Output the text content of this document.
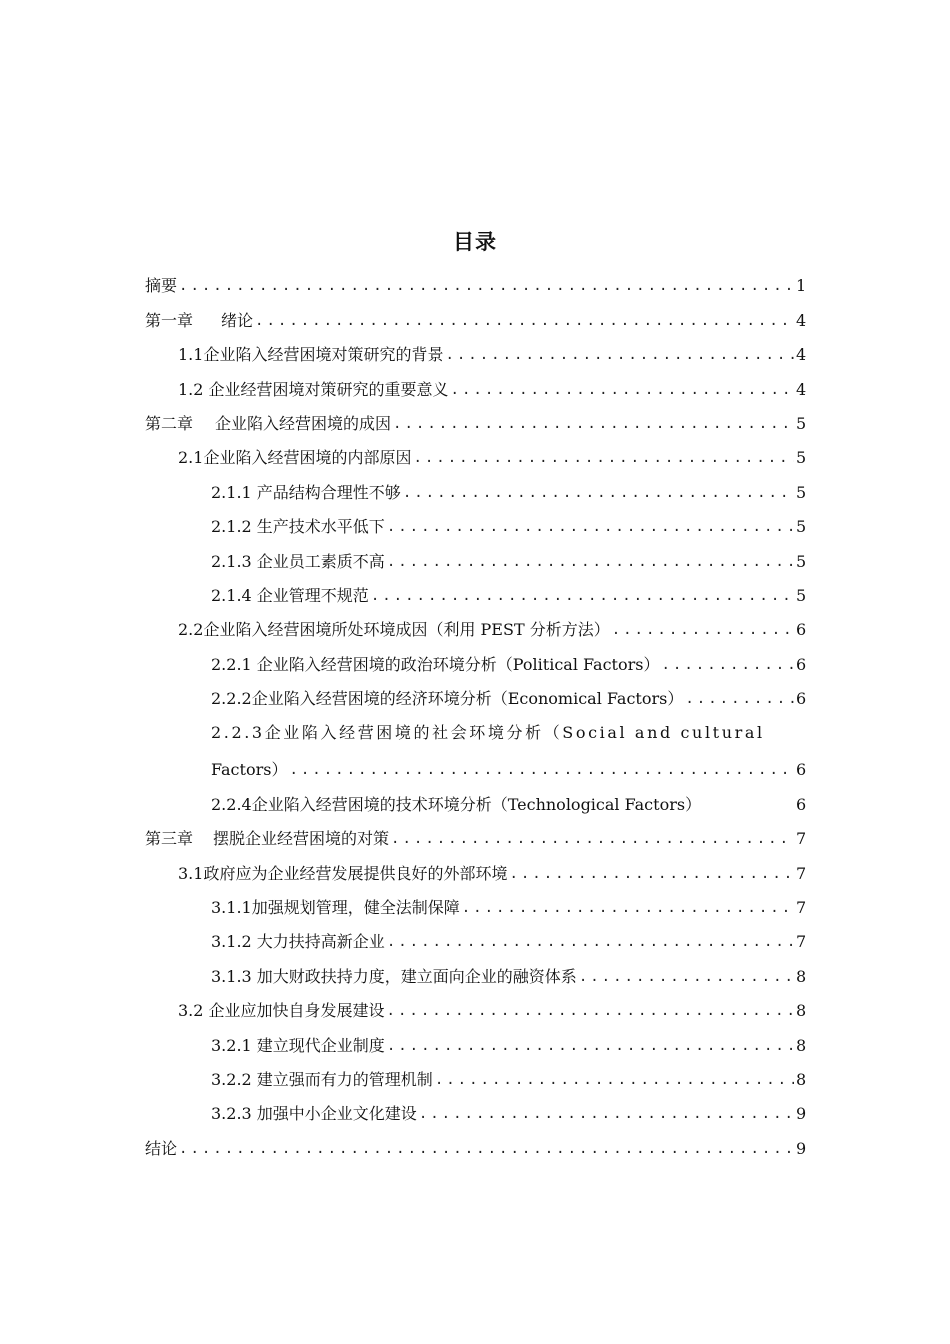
目录
摘要 .....	1
第一章 绪论 .....	4
1.1企业陷入经营困境对策研究的背景 .....	4
1.2 企业经营困境对策研究的重要意义 .....	4
第二章 企业陷入经营困境的成因 .....	5
2.1企业陷入经营困境的内部原因 .....	5
2.1.1 产品结构合理性不够 .....	5
2.1.2 生产技术水平低下 .....	5
2.1.3 企业员工素质不高 .....	5
2.1.4 企业管理不规范 .....	5
2.2企业陷入经营困境所处环境成因（利用 PEST 分析方法） .....	6
2.2.1 企业陷入经营困境的政治环境分析（Political Factors） .....	6
2.2.2企业陷入经营困境的经济环境分析（Economical Factors） .....	6
2.2.3企业陷入经营困境的社会环境分析（Social and cultural
Factors） .....	6
2.2.4企业陷入经营困境的技术环境分析（Technological Factors）	6
第三章 摆脱企业经营困境的对策 .....	7
3.1政府应为企业经营发展提供良好的外部环境 .....	7
3.1.1加强规划管理，健全法制保障 .....	7
3.1.2 大力扶持高新企业 .....	7
3.1.3 加大财政扶持力度，建立面向企业的融资体系 .....	8
3.2 企业应加快自身发展建设 .....	8
3.2.1 建立现代企业制度 .....	8
3.2.2 建立强而有力的管理机制 .....	8
3.2.3 加强中小企业文化建设 .....	9
结论 .....	9
